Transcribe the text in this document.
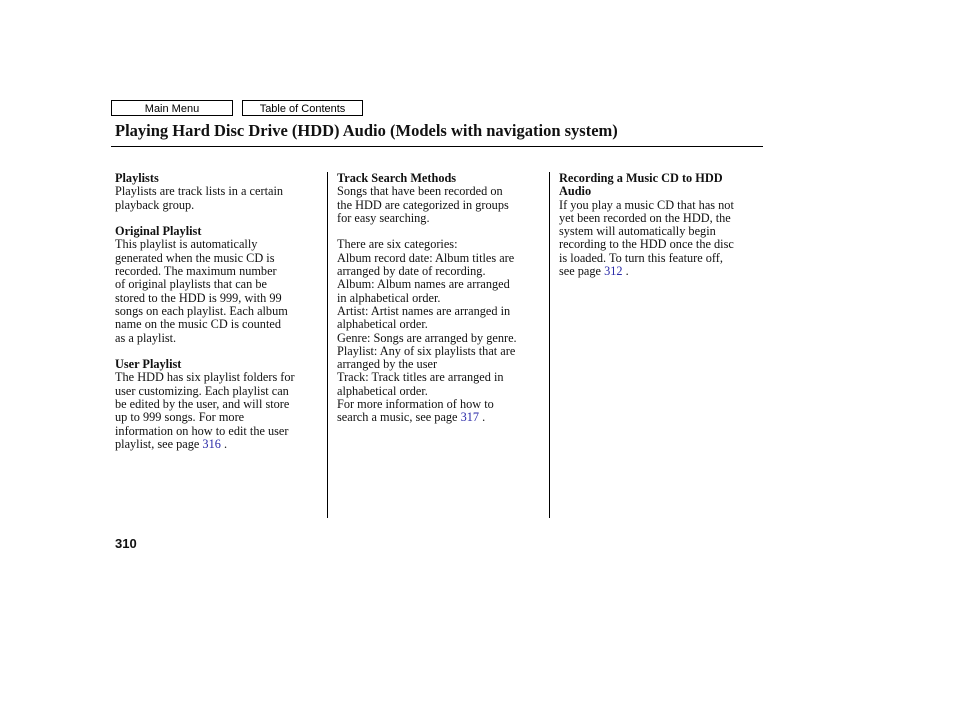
Main Menu	Table of Contents
Playing Hard Disc Drive (HDD) Audio (Models with navigation system)
Playlists
Playlists are track lists in a certain
playback group.
Original Playlist
This playlist is automatically
generated when the music CD is
recorded. The maximum number
of original playlists that can be
stored to the HDD is 999, with 99
songs on each playlist. Each album
name on the music CD is counted
as a playlist.
User Playlist
The HDD has six playlist folders for
user customizing. Each playlist can
be edited by the user, and will store
up to 999 songs. For more
information on how to edit the user
playlist, see page 316 .
Track Search Methods
Songs that have been recorded on
the HDD are categorized in groups
for easy searching.
There are six categories:
Album record date: Album titles are
arranged by date of recording.
Album: Album names are arranged
in alphabetical order.
Artist: Artist names are arranged in
alphabetical order.
Genre: Songs are arranged by genre.
Playlist: Any of six playlists that are
arranged by the user
Track: Track titles are arranged in
alphabetical order.
For more information of how to
search a music, see page 317 .
Recording a Music CD to HDD
Audio
If you play a music CD that has not
yet been recorded on the HDD, the
system will automatically begin
recording to the HDD once the disc
is loaded. To turn this feature off,
see page 312 .
310
